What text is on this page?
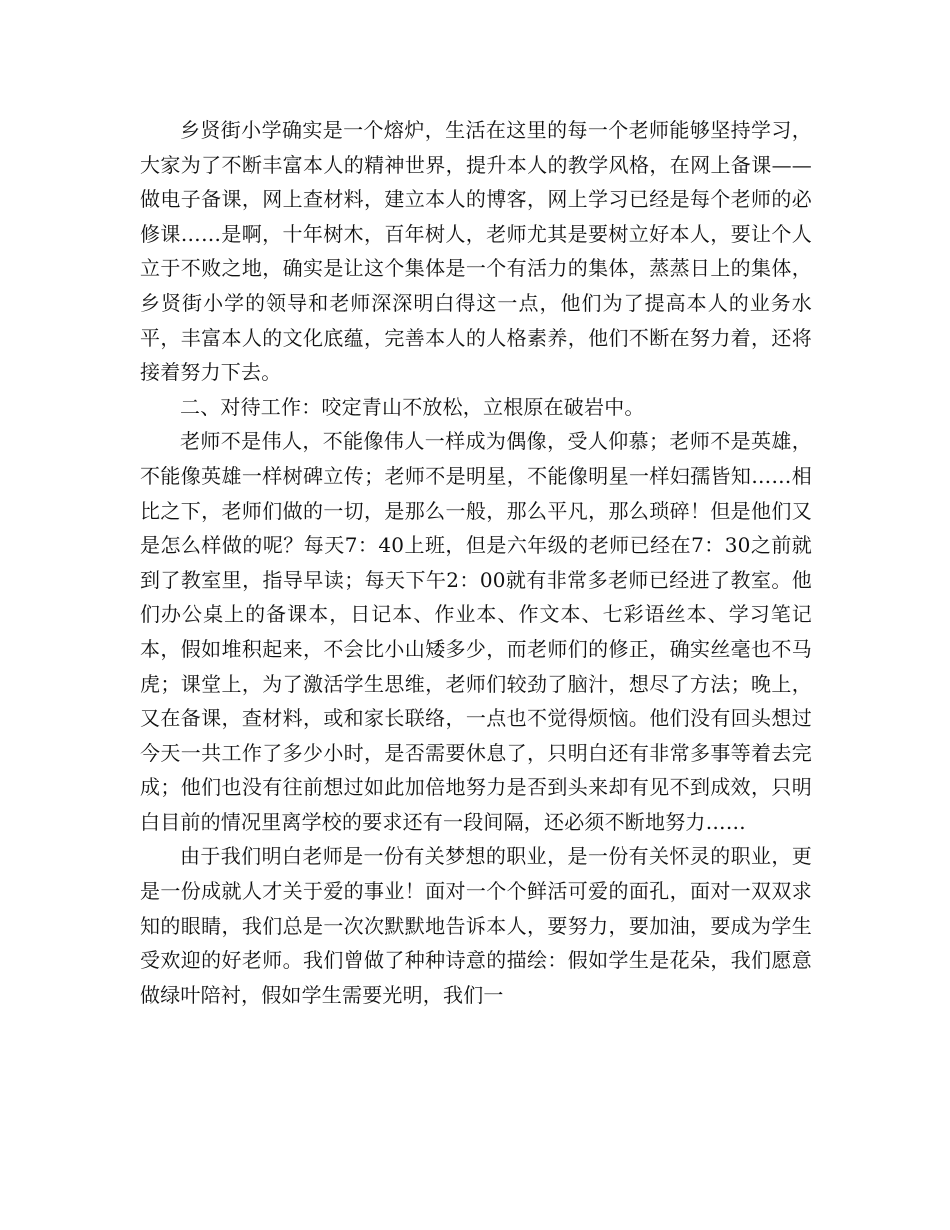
乡贤街小学确实是一个熔炉，生活在这里的每一个老师能够坚持学习，大家为了不断丰富本人的精神世界，提升本人的教学风格，在网上备课——做电子备课，网上查材料，建立本人的博客，网上学习已经是每个老师的必修课……是啊，十年树木，百年树人，老师尤其是要树立好本人，要让个人立于不败之地，确实是让这个集体是一个有活力的集体，蒸蒸日上的集体，乡贤街小学的领导和老师深深明白得这一点，他们为了提高本人的业务水平，丰富本人的文化底蕴，完善本人的人格素养，他们不断在努力着，还将接着努力下去。

二、对待工作：咬定青山不放松，立根原在破岩中。

老师不是伟人，不能像伟人一样成为偶像，受人仰慕；老师不是英雄，不能像英雄一样树碑立传；老师不是明星，不能像明星一样妇孺皆知……相比之下，老师们做的一切，是那么一般，那么平凡，那么琐碎！但是他们又是怎么样做的呢？每天7：40上班，但是六年级的老师已经在7：30之前就到了教室里，指导早读；每天下午2：00就有非常多老师已经进了教室。他们办公桌上的备课本，日记本、作业本、作文本、七彩语丝本、学习笔记本，假如堆积起来，不会比小山矮多少，而老师们的修正，确实丝毫也不马虎；课堂上，为了激活学生思维，老师们较劲了脑汁，想尽了方法；晚上，又在备课，查材料，或和家长联络，一点也不觉得烦恼。他们没有回头想过今天一共工作了多少小时，是否需要休息了，只明白还有非常多事等着去完成；他们也没有往前想过如此加倍地努力是否到头来却有见不到成效，只明白目前的情况里离学校的要求还有一段间隔，还必须不断地努力……

由于我们明白老师是一份有关梦想的职业，是一份有关怀灵的职业，更是一份成就人才关于爱的事业！面对一个个鲜活可爱的面孔，面对一双双求知的眼睛，我们总是一次次默默地告诉本人，要努力，要加油，要成为学生受欢迎的好老师。我们曾做了种种诗意的描绘：假如学生是花朵，我们愿意做绿叶陪衬，假如学生需要光明，我们一
